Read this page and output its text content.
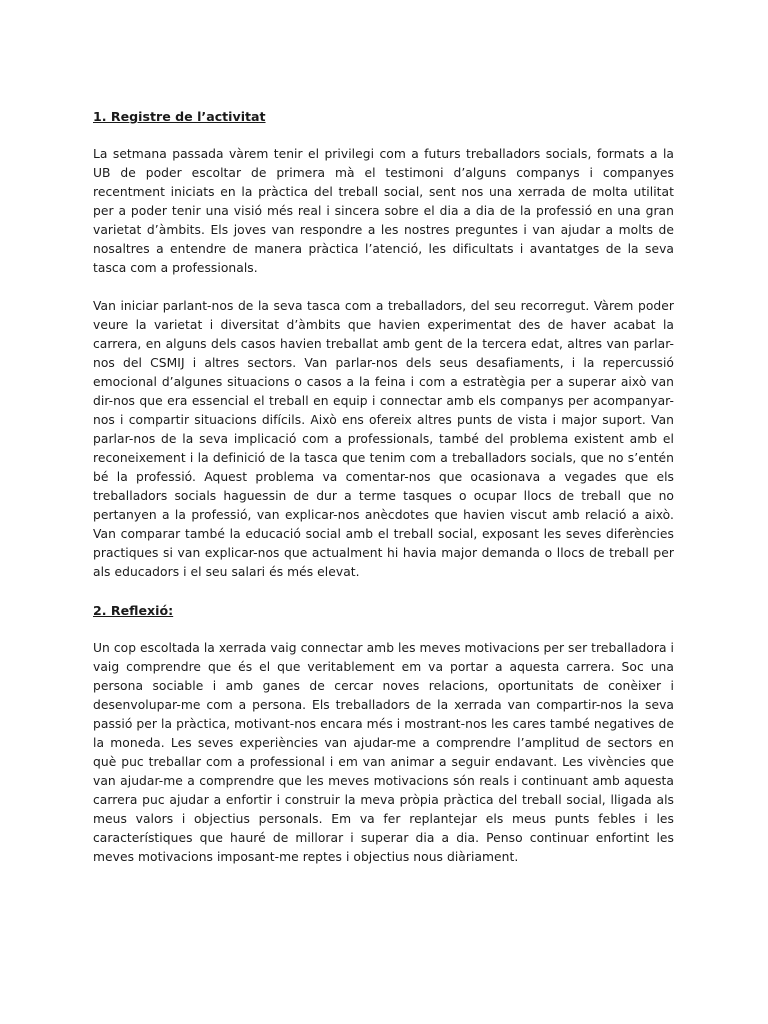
1. Registre de l’activitat

La setmana passada vàrem tenir el privilegi com a futurs treballadors socials, formats a la UB de poder escoltar de primera mà el testimoni d’alguns companys i companyes recentment iniciats en la pràctica del treball social, sent nos una xerrada de molta utilitat per a poder tenir una visió més real i sincera sobre el dia a dia de la professió en una gran varietat d’àmbits. Els joves van respondre a les nostres preguntes i van ajudar a molts de nosaltres a entendre de manera pràctica l’atenció, les dificultats i avantatges de la seva tasca com a professionals.

Van iniciar parlant-nos de la seva tasca com a treballadors, del seu recorregut. Vàrem poder veure la varietat i diversitat d’àmbits que havien experimentat des de haver acabat la carrera, en alguns dels casos havien treballat amb gent de la tercera edat, altres van parlar-nos del CSMIJ i altres sectors. Van parlar-nos dels seus desafiaments, i la repercussió emocional d’algunes situacions o casos a la feina i com a estratègia per a superar això van dir-nos que era essencial el treball en equip i connectar amb els companys per acompanyar-nos i compartir situacions difícils. Això ens ofereix altres punts de vista i major suport. Van parlar-nos de la seva implicació com a professionals, també del problema existent amb el reconeixement i la definició de la tasca que tenim com a treballadors socials, que no s’entén bé la professió. Aquest problema va comentar-nos que ocasionava a vegades que els treballadors socials haguessin de dur a terme tasques o ocupar llocs de treball que no pertanyen a la professió, van explicar-nos anècdotes que havien viscut amb relació a això. Van comparar també la educació social amb el treball social, exposant les seves diferències practiques si van explicar-nos que actualment hi havia major demanda o llocs de treball per als educadors i el seu salari és més elevat.

2. Reflexió:

Un cop escoltada la xerrada vaig connectar amb les meves motivacions per ser treballadora i vaig comprendre que és el que veritablement em va portar a aquesta carrera. Soc una persona sociable i amb ganes de cercar noves relacions, oportunitats de conèixer i desenvolupar-me com a persona. Els treballadors de la xerrada van compartir-nos la seva passió per la pràctica, motivant-nos encara més i mostrant-nos les cares també negatives de la moneda. Les seves experiències van ajudar-me a comprendre l’amplitud de sectors en què puc treballar com a professional i em van animar a seguir endavant. Les vivències que van ajudar-me a comprendre que les meves motivacions són reals i continuant amb aquesta carrera puc ajudar a enfortir i construir la meva pròpia pràctica del treball social, lligada als meus valors i objectius personals. Em va fer replantejar els meus punts febles i les característiques que hauré de millorar i superar dia a dia. Penso continuar enfortint les meves motivacions imposant-me reptes i objectius nous diàriament.
